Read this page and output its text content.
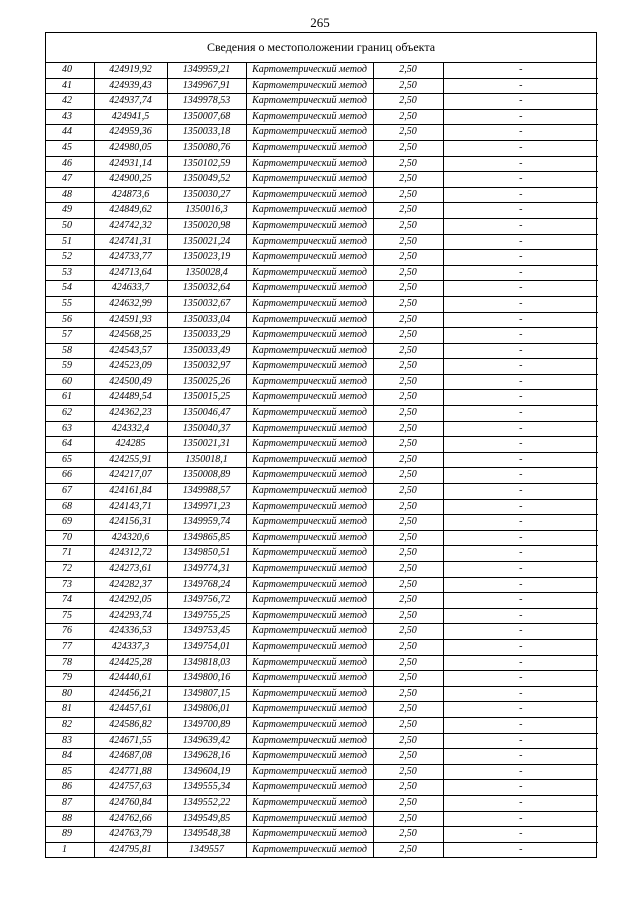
265
Сведения о местоположении границ объекта
40	424919,92	1349959,21	Картометрический метод	2,50	-
41	424939,43	1349967,91	Картометрический метод	2,50	-
42	424937,74	1349978,53	Картометрический метод	2,50	-
43	424941,5	1350007,68	Картометрический метод	2,50	-
44	424959,36	1350033,18	Картометрический метод	2,50	-
45	424980,05	1350080,76	Картометрический метод	2,50	-
46	424931,14	1350102,59	Картометрический метод	2,50	-
47	424900,25	1350049,52	Картометрический метод	2,50	-
48	424873,6	1350030,27	Картометрический метод	2,50	-
49	424849,62	1350016,3	Картометрический метод	2,50	-
50	424742,32	1350020,98	Картометрический метод	2,50	-
51	424741,31	1350021,24	Картометрический метод	2,50	-
52	424733,77	1350023,19	Картометрический метод	2,50	-
53	424713,64	1350028,4	Картометрический метод	2,50	-
54	424633,7	1350032,64	Картометрический метод	2,50	-
55	424632,99	1350032,67	Картометрический метод	2,50	-
56	424591,93	1350033,04	Картометрический метод	2,50	-
57	424568,25	1350033,29	Картометрический метод	2,50	-
58	424543,57	1350033,49	Картометрический метод	2,50	-
59	424523,09	1350032,97	Картометрический метод	2,50	-
60	424500,49	1350025,26	Картометрический метод	2,50	-
61	424489,54	1350015,25	Картометрический метод	2,50	-
62	424362,23	1350046,47	Картометрический метод	2,50	-
63	424332,4	1350040,37	Картометрический метод	2,50	-
64	424285	1350021,31	Картометрический метод	2,50	-
65	424255,91	1350018,1	Картометрический метод	2,50	-
66	424217,07	1350008,89	Картометрический метод	2,50	-
67	424161,84	1349988,57	Картометрический метод	2,50	-
68	424143,71	1349971,23	Картометрический метод	2,50	-
69	424156,31	1349959,74	Картометрический метод	2,50	-
70	424320,6	1349865,85	Картометрический метод	2,50	-
71	424312,72	1349850,51	Картометрический метод	2,50	-
72	424273,61	1349774,31	Картометрический метод	2,50	-
73	424282,37	1349768,24	Картометрический метод	2,50	-
74	424292,05	1349756,72	Картометрический метод	2,50	-
75	424293,74	1349755,25	Картометрический метод	2,50	-
76	424336,53	1349753,45	Картометрический метод	2,50	-
77	424337,3	1349754,01	Картометрический метод	2,50	-
78	424425,28	1349818,03	Картометрический метод	2,50	-
79	424440,61	1349800,16	Картометрический метод	2,50	-
80	424456,21	1349807,15	Картометрический метод	2,50	-
81	424457,61	1349806,01	Картометрический метод	2,50	-
82	424586,82	1349700,89	Картометрический метод	2,50	-
83	424671,55	1349639,42	Картометрический метод	2,50	-
84	424687,08	1349628,16	Картометрический метод	2,50	-
85	424771,88	1349604,19	Картометрический метод	2,50	-
86	424757,63	1349555,34	Картометрический метод	2,50	-
87	424760,84	1349552,22	Картометрический метод	2,50	-
88	424762,66	1349549,85	Картометрический метод	2,50	-
89	424763,79	1349548,38	Картометрический метод	2,50	-
1	424795,81	1349557	Картометрический метод	2,50	-
